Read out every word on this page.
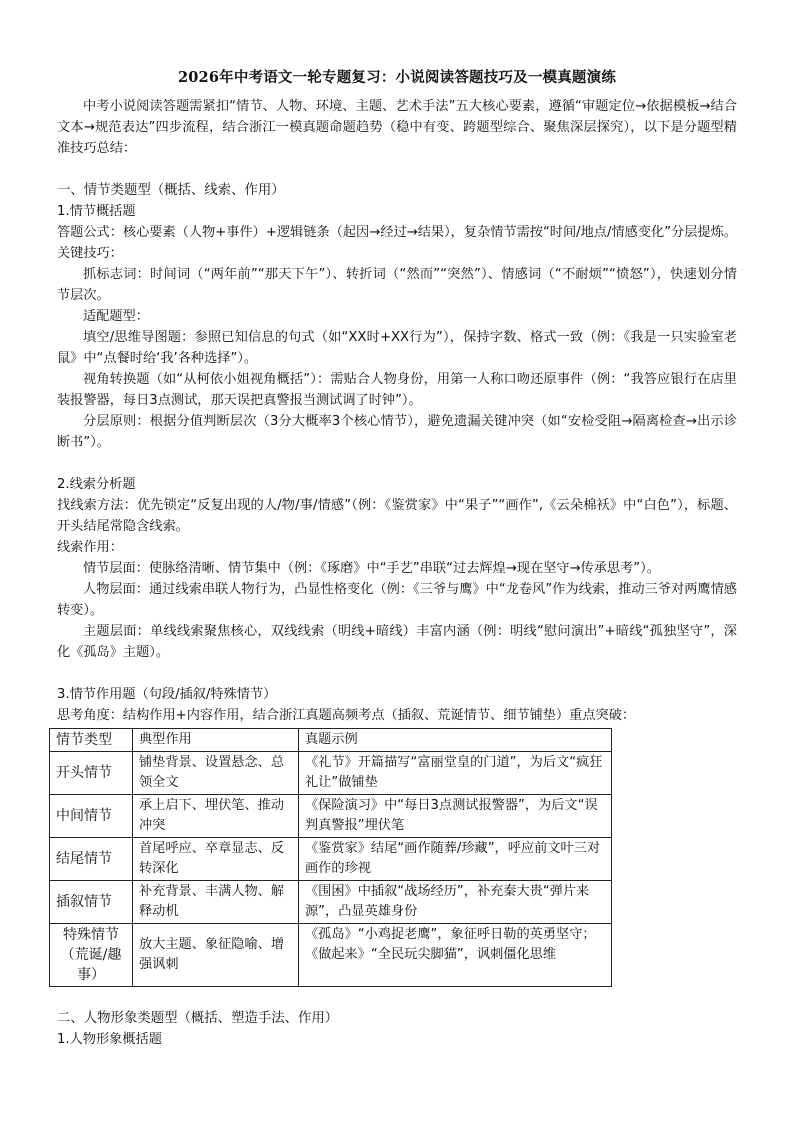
2026年中考语文一轮专题复习：小说阅读答题技巧及一模真题演练

中考小说阅读答题需紧扣“情节、人物、环境、主题、艺术手法”五大核心要素，遵循“审题定位→依据模板→结合文本→规范表达”四步流程，结合浙江一模真题命题趋势（稳中有变、跨题型综合、聚焦深层探究），以下是分题型精准技巧总结：

一、情节类题型（概括、线索、作用）

1.情节概括题

答题公式：核心要素（人物+事件）+逻辑链条（起因→经过→结果），复杂情节需按“时间/地点/情感变化”分层提炼。

关键技巧：

抓标志词：时间词（“两年前”“那天下午”）、转折词（“然而”“突然”）、情感词（“不耐烦”“愤怒”），快速划分情节层次。

适配题型：

填空/思维导图题：参照已知信息的句式（如“XX时+XX行为”），保持字数、格式一致（例：《我是一只实验室老鼠》中“点餐时给‘我’各种选择”）。

视角转换题（如“从柯依小姐视角概括”）：需贴合人物身份，用第一人称口吻还原事件（例：“我答应银行在店里装报警器，每日3点测试，那天误把真警报当测试调了时钟”）。

分层原则：根据分值判断层次（3分大概率3个核心情节），避免遗漏关键冲突（如“安检受阻→隔离检查→出示诊断书”）。

2.线索分析题

找线索方法：优先锁定“反复出现的人/物/事/情感”（例：《鉴赏家》中“果子”“画作”,《云朵棉袄》中“白色”），标题、开头结尾常隐含线索。

线索作用：

情节层面：使脉络清晰、情节集中（例：《琢磨》中“手艺”串联“过去辉煌→现在坚守→传承思考”）。

人物层面：通过线索串联人物行为，凸显性格变化（例：《三爷与鹰》中“龙卷风”作为线索，推动三爷对两鹰情感转变）。

主题层面：单线线索聚焦核心，双线线索（明线+暗线）丰富内涵（例：明线“慰问演出”+暗线“孤独坚守”，深化《孤岛》主题）。

3.情节作用题（句段/插叙/特殊情节）

思考角度：结构作用+内容作用，结合浙江真题高频考点（插叙、荒诞情节、细节铺垫）重点突破：

情节类型	典型作用	真题示例
开头情节	铺垫背景、设置悬念、总领全文	《礼节》开篇描写“富丽堂皇的门道”，为后文“疯狂礼让”做铺垫
中间情节	承上启下、埋伏笔、推动冲突	《保险演习》中“每日3点测试报警器”，为后文“误判真警报”埋伏笔
结尾情节	首尾呼应、卒章显志、反转深化	《鉴赏家》结尾“画作随葬/珍藏”，呼应前文叶三对画作的珍视
插叙情节	补充背景、丰满人物、解释动机	《围困》中插叙“战场经历”，补充秦大贵“弹片来源”，凸显英雄身份
特殊情节（荒诞/趣事）	放大主题、象征隐喻、增强讽刺	《孤岛》“小鸡捉老鹰”，象征呼日勒的英勇坚守；《做起来》“全民玩尖脚猫”，讽刺僵化思维

二、人物形象类题型（概括、塑造手法、作用）

1.人物形象概括题
